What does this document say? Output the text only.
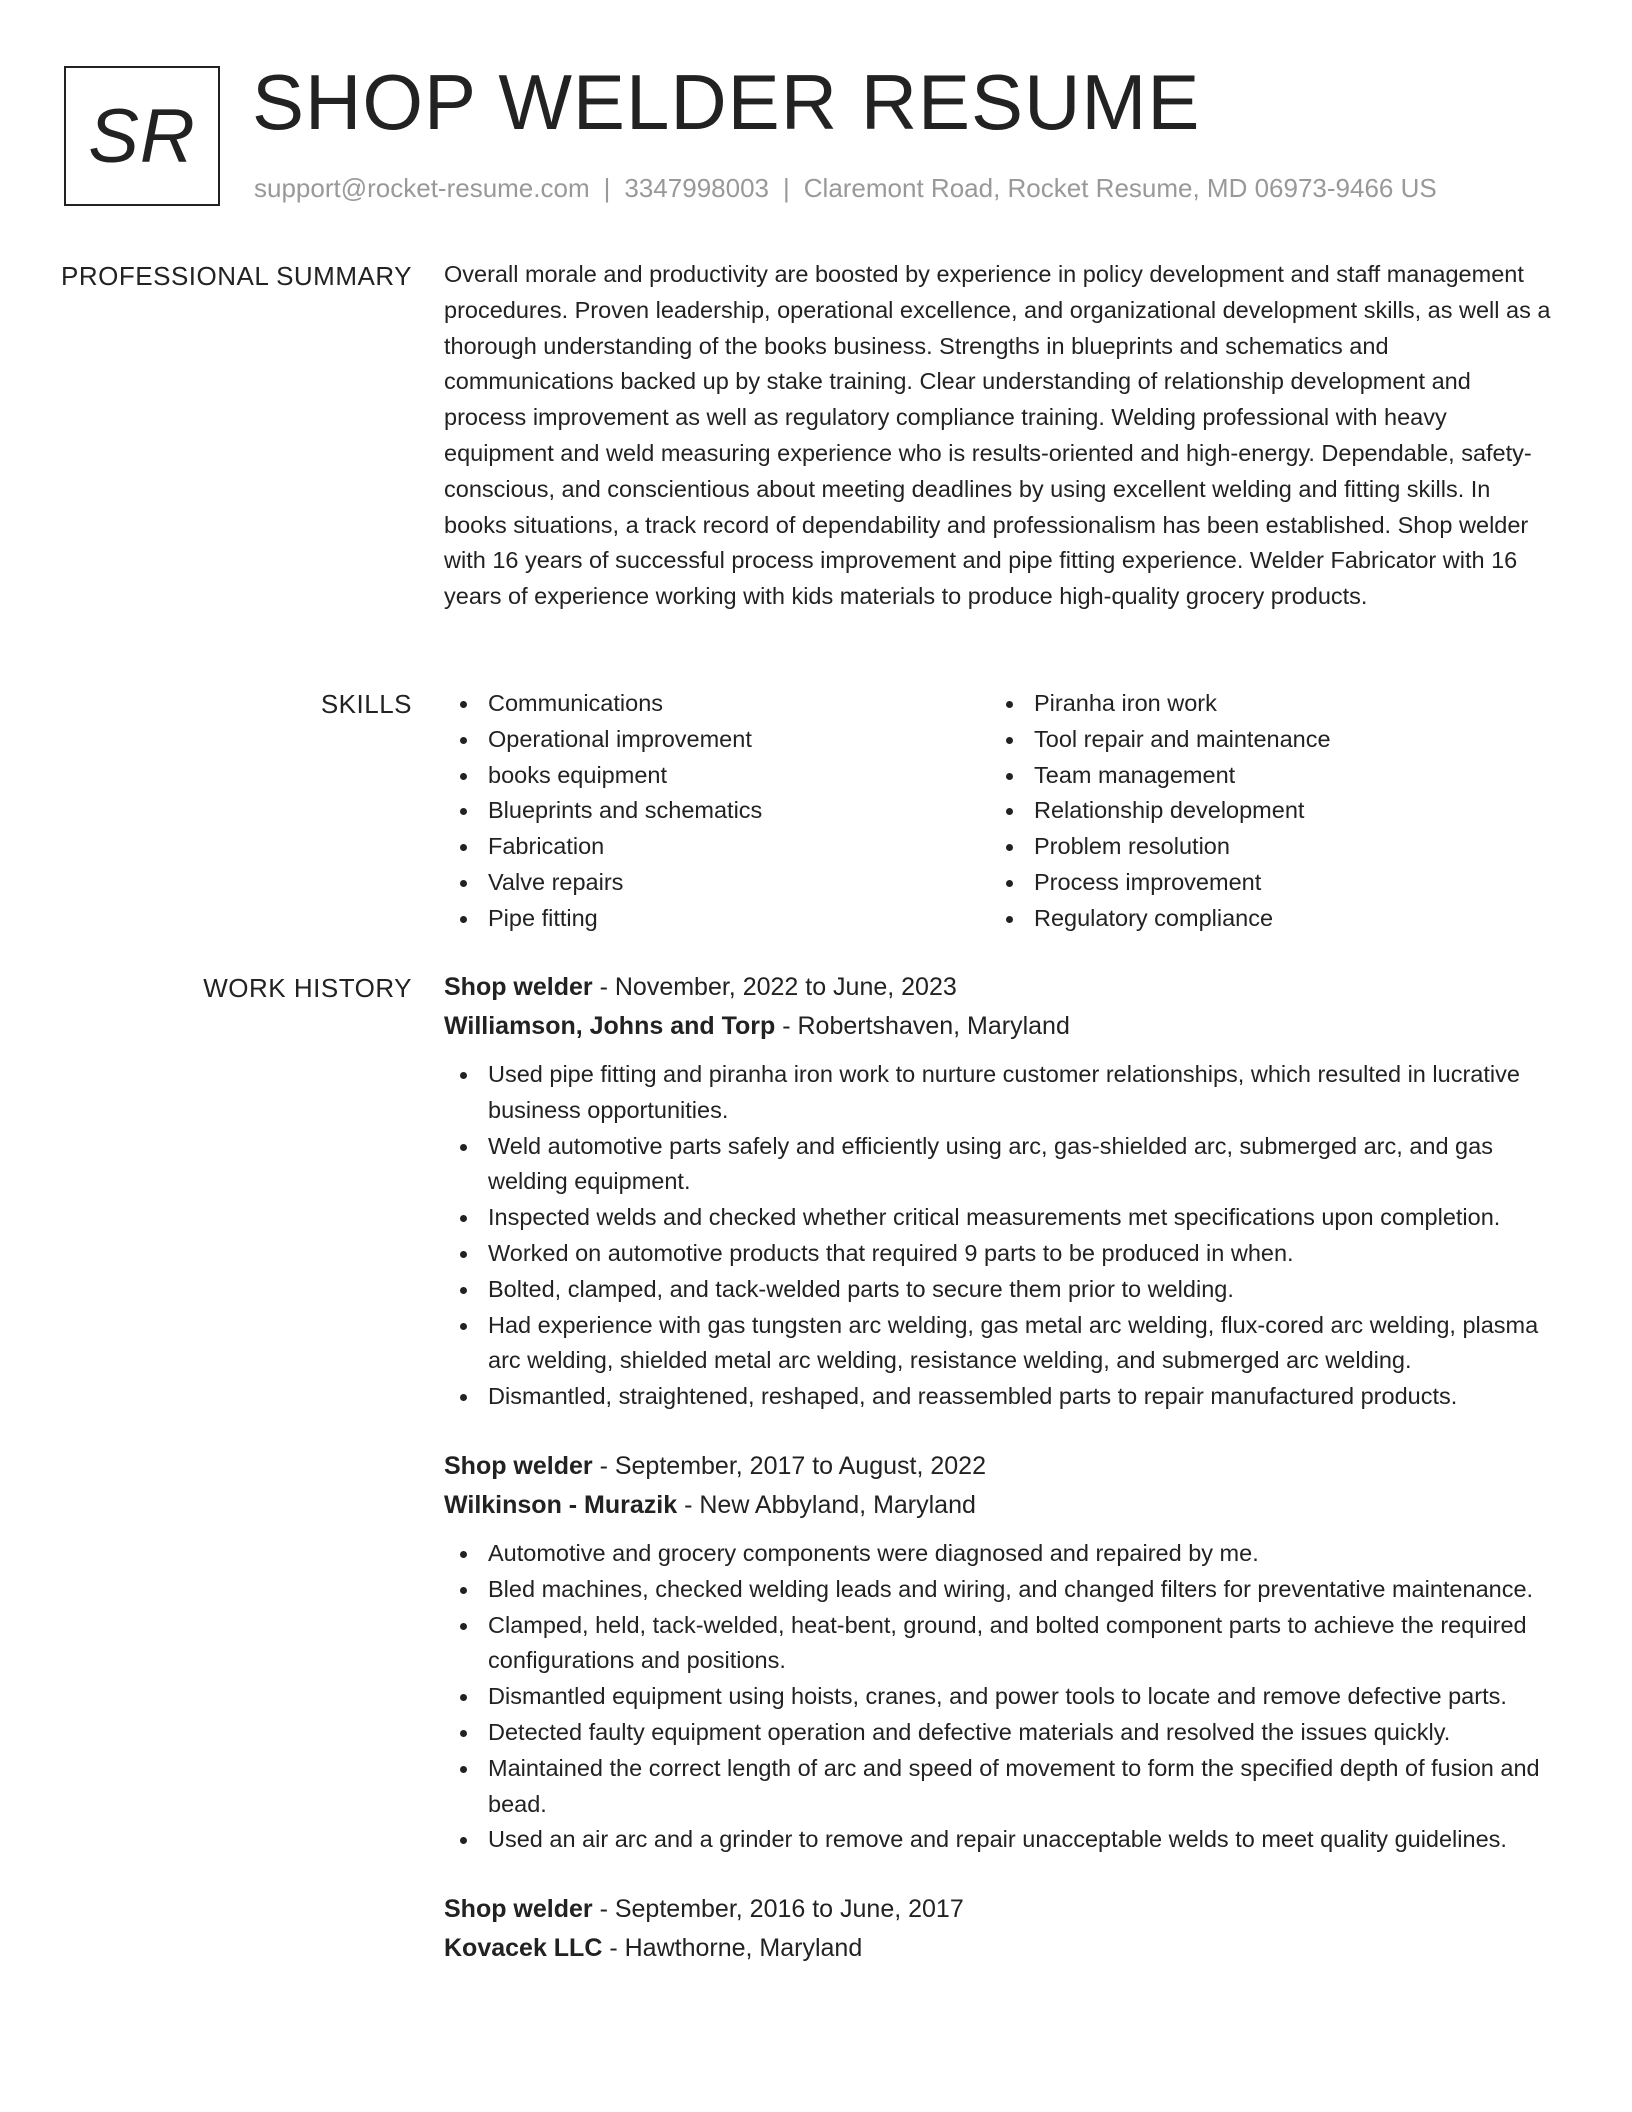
SR SHOP WELDER RESUME
support@rocket-resume.com | 3347998003 | Claremont Road, Rocket Resume, MD 06973-9466 US
PROFESSIONAL SUMMARY Overall morale and productivity are boosted by experience in policy development and staff management procedures. Proven leadership, operational excellence, and organizational development skills, as well as a thorough understanding of the books business. Strengths in blueprints and schematics and communications backed up by stake training. Clear understanding of relationship development and process improvement as well as regulatory compliance training. Welding professional with heavy equipment and weld measuring experience who is results-oriented and high-energy. Dependable, safety-conscious, and conscientious about meeting deadlines by using excellent welding and fitting skills. In books situations, a track record of dependability and professionalism has been established. Shop welder with 16 years of successful process improvement and pipe fitting experience. Welder Fabricator with 16 years of experience working with kids materials to produce high-quality grocery products.

SKILLS	Communications
Operational improvement
books equipment
Blueprints and schematics
Fabrication
Valve repairs
Pipe fitting
Piranha iron work
Tool repair and maintenance
Team management
Relationship development
Problem resolution
Process improvement
Regulatory compliance
WORK HISTORY Shop welder - November, 2022 to June, 2023
Williamson, Johns and Torp - Robertshaven, Maryland
Used pipe fitting and piranha iron work to nurture customer relationships, which resulted in lucrative business opportunities.
Weld automotive parts safely and efficiently using arc, gas-shielded arc, submerged arc, and gas welding equipment.
Inspected welds and checked whether critical measurements met specifications upon completion.
Worked on automotive products that required 9 parts to be produced in when.
Bolted, clamped, and tack-welded parts to secure them prior to welding.
Had experience with gas tungsten arc welding, gas metal arc welding, flux-cored arc welding, plasma arc welding, shielded metal arc welding, resistance welding, and submerged arc welding.
Dismantled, straightened, reshaped, and reassembled parts to repair manufactured products.
Shop welder - September, 2017 to August, 2022
Wilkinson - Murazik - New Abbyland, Maryland
Automotive and grocery components were diagnosed and repaired by me.
Bled machines, checked welding leads and wiring, and changed filters for preventative maintenance.
Clamped, held, tack-welded, heat-bent, ground, and bolted component parts to achieve the required configurations and positions.
Dismantled equipment using hoists, cranes, and power tools to locate and remove defective parts.
Detected faulty equipment operation and defective materials and resolved the issues quickly.
Maintained the correct length of arc and speed of movement to form the specified depth of fusion and bead.
Used an air arc and a grinder to remove and repair unacceptable welds to meet quality guidelines.
Shop welder - September, 2016 to June, 2017
Kovacek LLC - Hawthorne, Maryland
